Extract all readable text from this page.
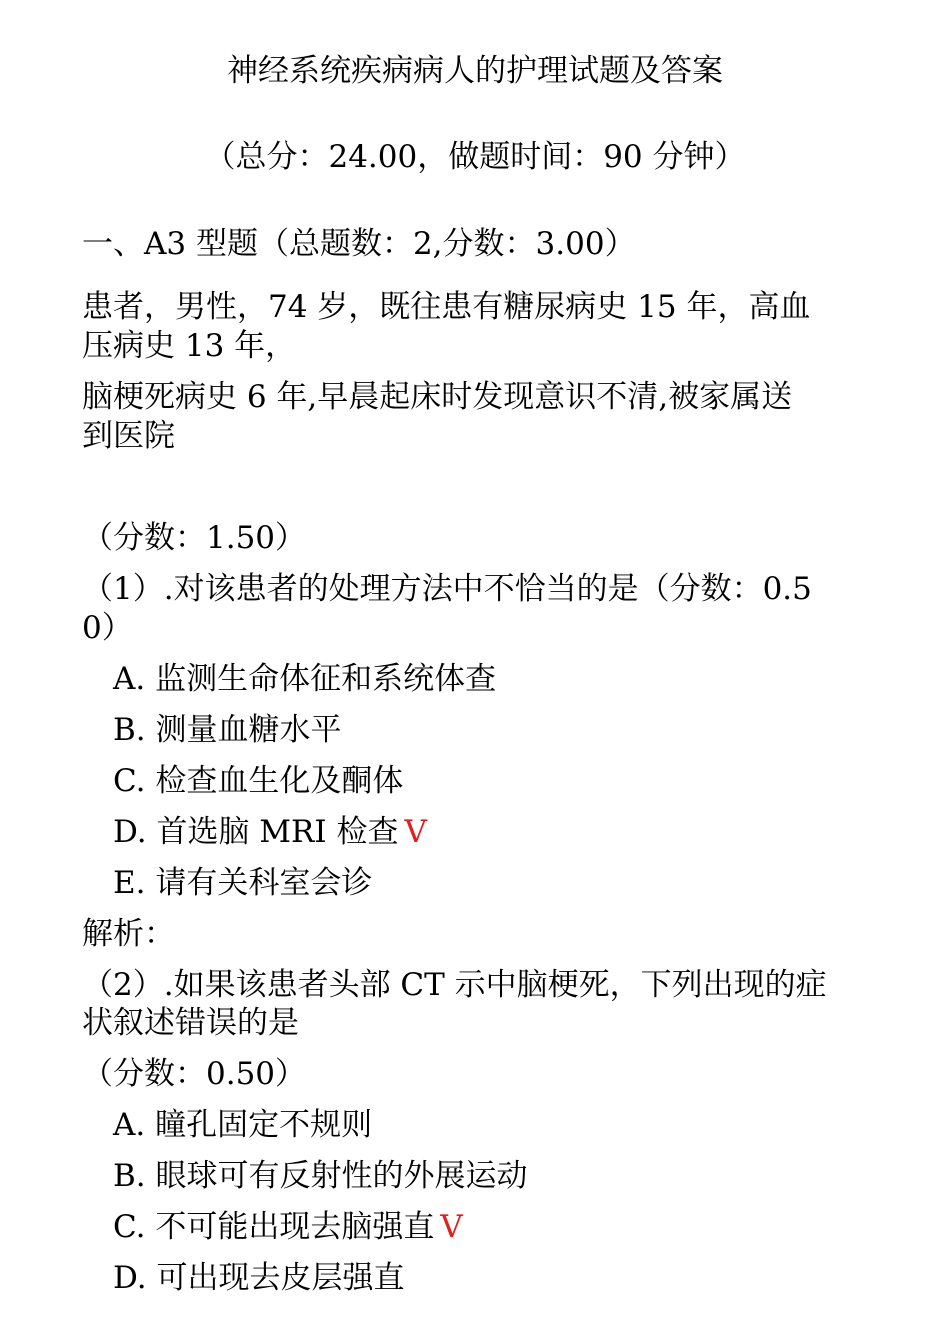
神经系统疾病病人的护理试题及答案
（总分：24.00，做题时间：90 分钟）
一、A3 型题（总题数：2,分数：3.00）
患者，男性，74 岁，既往患有糖尿病史 15 年，高血
压病史 13 年，
脑梗死病史 6 年,早晨起床时发现意识不清,被家属送
到医院
（分数：1.50）
（1）.对该患者的处理方法中不恰当的是（分数：0.5
0）
A. 监测生命体征和系统体查
B. 测量血糖水平
C. 检查血生化及酮体
D. 首选脑 MRI 检查 V
E. 请有关科室会诊
解析：
（2）.如果该患者头部 CT 示中脑梗死，下列出现的症
状叙述错误的是
（分数：0.50）
A. 瞳孔固定不规则
B. 眼球可有反射性的外展运动
C. 不可能出现去脑强直 V
D. 可出现去皮层强直
